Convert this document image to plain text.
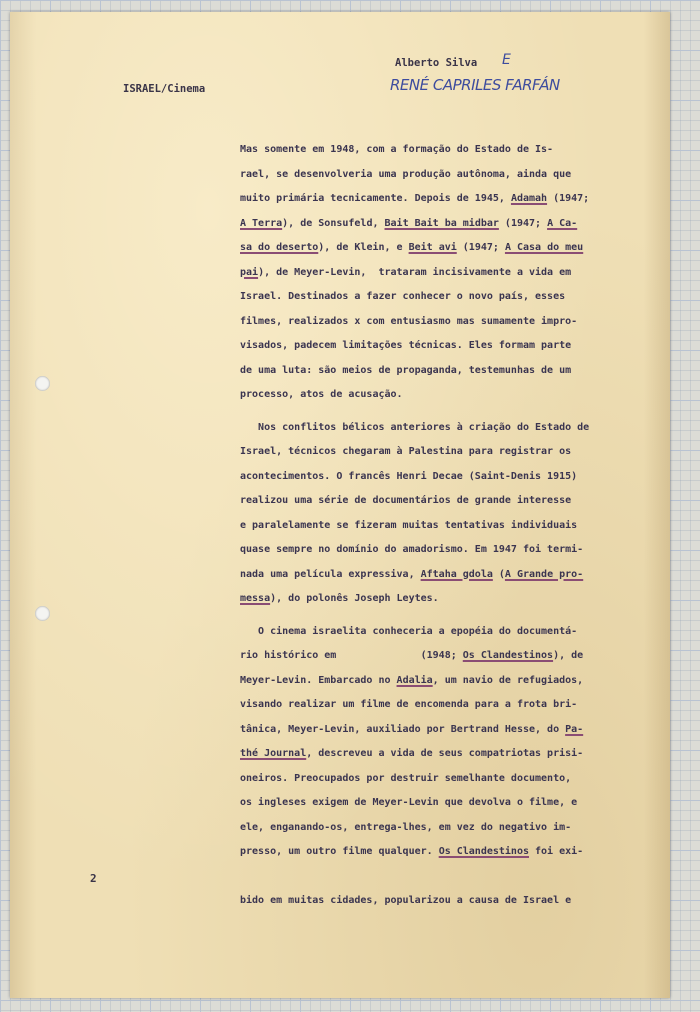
ISRAEL/Cinema
Alberto Silva E
RENÉ CAPRILES FARFÁN
Mas somente em 1948, com a formação do Estado de Is-
rael, se desenvolveria uma produção autônoma, ainda que
muito primária tecnicamente. Depois de 1945, Adamah (1947;
A Terra), de Sonsufeld, Bait Bait ba midbar (1947; A Ca-
sa do deserto), de Klein, e Beit avi (1947; A Casa do meu
pai), de Meyer-Levin,  trataram incisivamente a vida em
Israel. Destinados a fazer conhecer o novo país, esses
filmes, realizados x com entusiasmo mas sumamente impro-
visados, padecem limitações técnicas. Eles formam parte
de uma luta: são meios de propaganda, testemunhas de um
processo, atos de acusação.
Nos conflitos bélicos anteriores à criação do Estado de
Israel, técnicos chegaram à Palestina para registrar os
acontecimentos. O francês Henri Decae (Saint-Denis 1915)
realizou uma série de documentários de grande interesse
e paralelamente se fizeram muitas tentativas individuais
quase sempre no domínio do amadorismo. Em 1947 foi termi-
nada uma película expressiva, Aftaha gdola (A Grande pro-
messa), do polonês Joseph Leytes.
O cinema israelita conheceria a epopéia do documentá-
rio histórico em              (1948; Os Clandestinos), de
Meyer-Levin. Embarcado no Adalia, um navio de refugiados,
visando realizar um filme de encomenda para a frota bri-
tânica, Meyer-Levin, auxiliado por Bertrand Hesse, do Pa-
thé Journal, descreveu a vida de seus compatriotas prisi-
oneiros. Preocupados por destruir semelhante documento,
os ingleses exigem de Meyer-Levin que devolva o filme, e
ele, enganando-os, entrega-lhes, em vez do negativo im-
presso, um outro filme qualquer. Os Clandestinos foi exi-
bido em muitas cidades, popularizou a causa de Israel e
2
